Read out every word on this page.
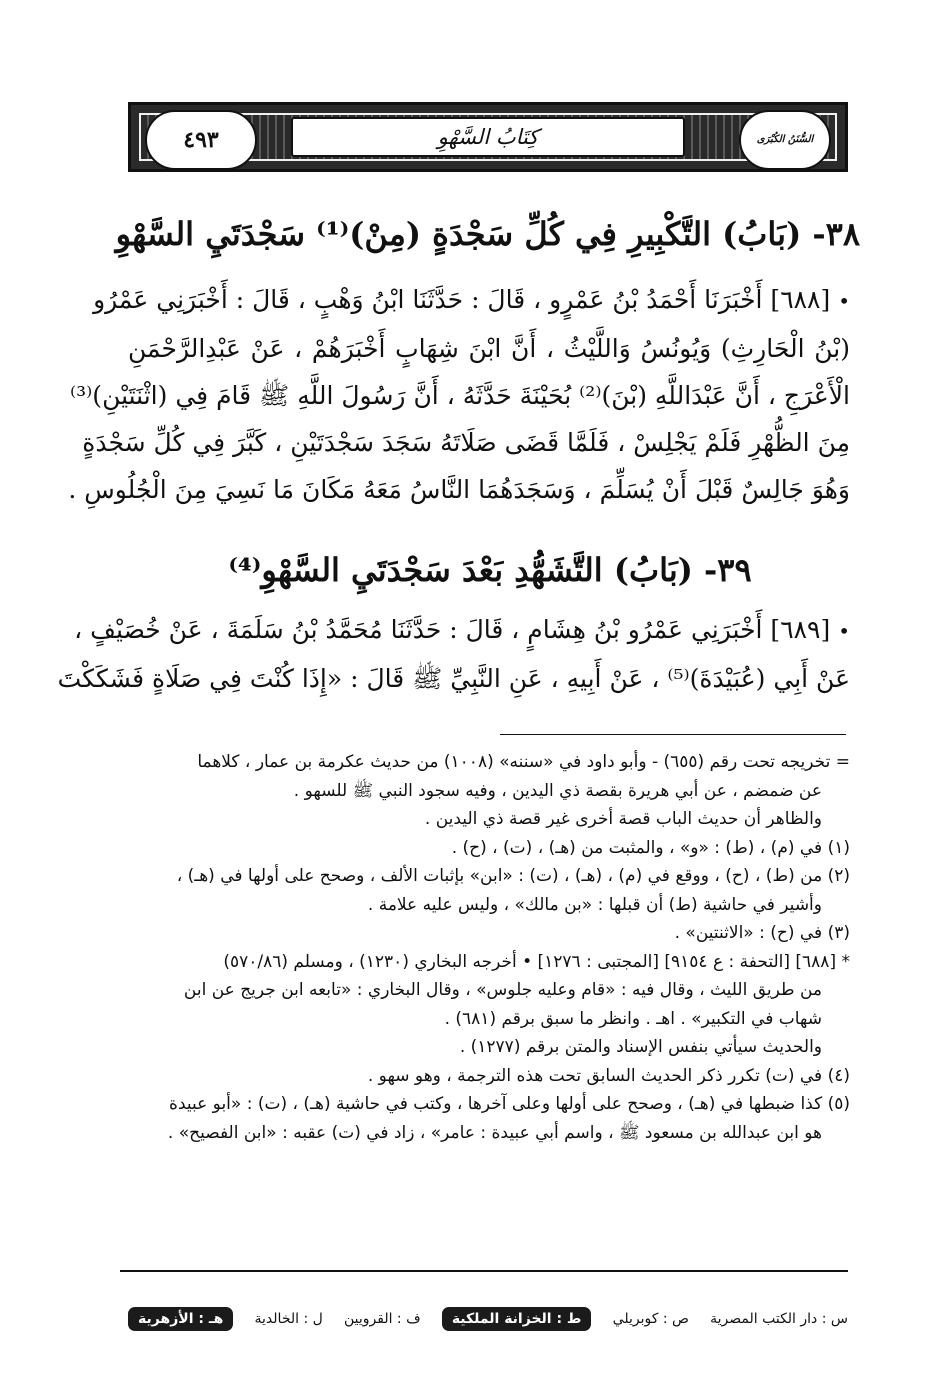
٤٩٣	كِتَابُ السَّهْوِ	السُّنَنُ الكُبْرَى
٣٨- (بَابُ) التَّكْبِيرِ فِي كُلِّ سَجْدَةٍ (مِنْ)⁽¹⁾ سَجْدَتَيِ السَّهْوِ
• [٦٨٨] أَخْبَرَنَا أَحْمَدُ بْنُ عَمْرٍو ، قَالَ : حَدَّثَنَا ابْنُ وَهْبٍ ، قَالَ : أَخْبَرَنِي عَمْرُو
(بْنُ الْحَارِثِ) وَيُونُسُ وَاللَّيْثُ ، أَنَّ ابْنَ شِهَابٍ أَخْبَرَهُمْ ، عَنْ عَبْدِالرَّحْمَنِ
الْأَعْرَجِ ، أَنَّ عَبْدَاللَّهِ (بْنَ)⁽²⁾ بُحَيْنَةَ حَدَّثَهُ ، أَنَّ رَسُولَ اللَّهِ ﷺ قَامَ فِي (اثْنَتَيْنِ)⁽³⁾
مِنَ الظُّهْرِ فَلَمْ يَجْلِسْ ، فَلَمَّا قَضَى صَلَاتَهُ سَجَدَ سَجْدَتَيْنِ ، كَبَّرَ فِي كُلِّ سَجْدَةٍ
وَهُوَ جَالِسٌ قَبْلَ أَنْ يُسَلِّمَ ، وَسَجَدَهُمَا النَّاسُ مَعَهُ مَكَانَ مَا نَسِيَ مِنَ الْجُلُوسِ .
٣٩- (بَابُ) التَّشَهُّدِ بَعْدَ سَجْدَتَيِ السَّهْوِ⁽⁴⁾
• [٦٨٩] أَخْبَرَنِي عَمْرُو بْنُ هِشَامٍ ، قَالَ : حَدَّثَنَا مُحَمَّدُ بْنُ سَلَمَةَ ، عَنْ خُصَيْفٍ ،
عَنْ أَبِي (عُبَيْدَةَ)⁽⁵⁾ ، عَنْ أَبِيهِ ، عَنِ النَّبِيِّ ﷺ قَالَ : «إِذَا كُنْتَ فِي صَلَاةٍ فَشَكَكْتَ
= تخريجه تحت رقم (٦٥٥) - وأبو داود في «سننه» (١٠٠٨) من حديث عكرمة بن عمار ، كلاهما
عن ضمضم ، عن أبي هريرة بقصة ذي اليدين ، وفيه سجود النبي ﷺ للسهو .
والظاهر أن حديث الباب قصة أخرى غير قصة ذي اليدين .
(١) في (م) ، (ط) : «و» ، والمثبت من (هـ) ، (ت) ، (ح) .
(٢) من (ط) ، (ح) ، ووقع في (م) ، (هـ) ، (ت) : «ابن» بإثبات الألف ، وصحح على أولها في (هـ) ،
وأشير في حاشية (ط) أن قبلها : «بن مالك» ، وليس عليه علامة .
(٣) في (ح) : «الاثنتين» .
* [٦٨٨] [التحفة : ع ٩١٥٤] [المجتبى : ١٢٧٦] • أخرجه البخاري (١٢٣٠) ، ومسلم (٥٧٠/٨٦)
من طريق الليث ، وقال فيه : «قام وعليه جلوس» ، وقال البخاري : «تابعه ابن جريج عن ابن
شهاب في التكبير» . اهـ . وانظر ما سبق برقم (٦٨١) .
والحديث سيأتي بنفس الإسناد والمتن برقم (١٢٧٧) .
(٤) في (ت) تكرر ذكر الحديث السابق تحت هذه الترجمة ، وهو سهو .
(٥) كذا ضبطها في (هـ) ، وصحح على أولها وعلى آخرها ، وكتب في حاشية (هـ) ، (ت) : «أبو عبيدة
هو ابن عبدالله بن مسعود ﷺ ، واسم أبي عبيدة : عامر» ، زاد في (ت) عقبه : «ابن الفصيح» .
س : دار الكتب المصرية
ص : كوبريلي
ط : الخزانة الملكية
ف : القرويين
ل : الخالدية
هـ : الأزهرية
